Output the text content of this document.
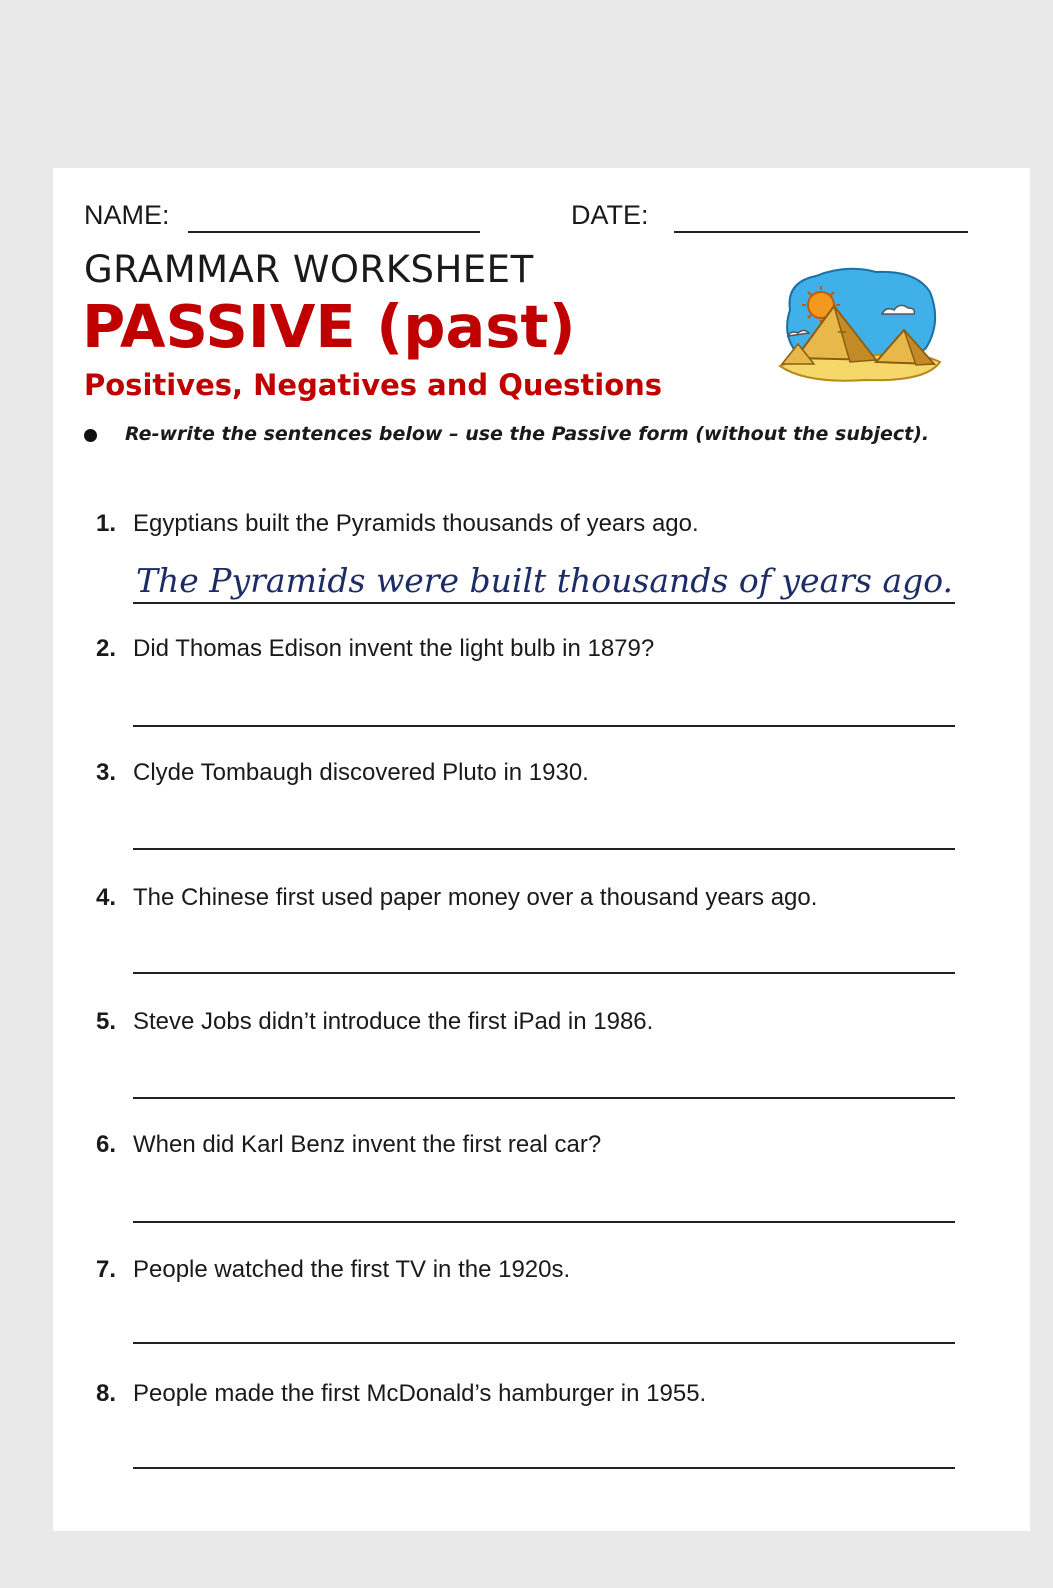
NAME:	DATE:
GRAMMAR WORKSHEET
PASSIVE (past)
Positives, Negatives and Questions
Re-write the sentences below – use the Passive form (without the subject).
1. Egyptians built the Pyramids thousands of years ago.
The Pyramids were built thousands of years ago.
2. Did Thomas Edison invent the light bulb in 1879?
3. Clyde Tombaugh discovered Pluto in 1930.
4. The Chinese first used paper money over a thousand years ago.
5. Steve Jobs didn’t introduce the first iPad in 1986.
6. When did Karl Benz invent the first real car?
7. People watched the first TV in the 1920s.
8. People made the first McDonald’s hamburger in 1955.
